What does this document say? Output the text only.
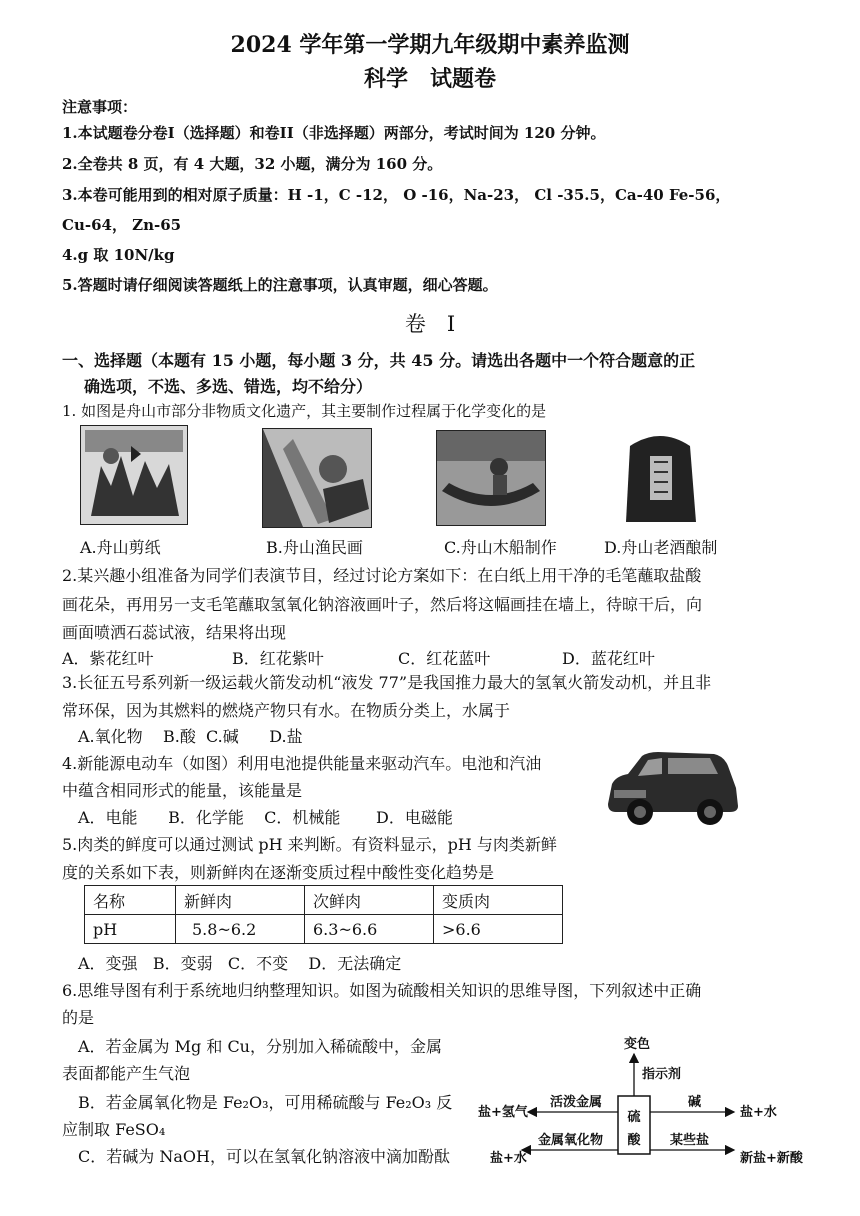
2024 学年第一学期九年级期中素养监测
科学　试题卷
注意事项：
1.本试题卷分卷I（选择题）和卷II（非选择题）两部分，考试时间为 120 分钟。
2.全卷共 8 页，有 4 大题，32 小题，满分为 160 分。
3.本卷可能用到的相对原子质量：H -1，C -12， O -16，Na-23， Cl -35.5，Ca-40 Fe-56，
Cu-64， Zn-65
4.g 取 10N/kg
5.答题时请仔细阅读答题纸上的注意事项，认真审题，细心答题。
卷　I
一、选择题（本题有 15 小题，每小题 3 分，共 45 分。请选出各题中一个符合题意的正
确选项，不选、多选、错选，均不给分）
1. 如图是舟山市部分非物质文化遗产，其主要制作过程属于化学变化的是
A.舟山剪纸	B.舟山渔民画	C.舟山木船制作	D.舟山老酒酿制
2.某兴趣小组准备为同学们表演节目，经过讨论方案如下：在白纸上用干净的毛笔蘸取盐酸
画花朵，再用另一支毛笔蘸取氢氧化钠溶液画叶子，然后将这幅画挂在墙上，待晾干后，向
画面喷洒石蕊试液，结果将出现
A．紫花红叶	B．红花紫叶	C．红花蓝叶	D．蓝花红叶
3.长征五号系列新一级运载火箭发动机“液发 77”是我国推力最大的氢氧火箭发动机，并且非
常环保，因为其燃料的燃烧产物只有水。在物质分类上，水属于
A.氧化物    B.酸  C.碱      D.盐
4.新能源电动车（如图）利用电池提供能量来驱动汽车。电池和汽油
中蕴含相同形式的能量，该能量是
A．电能      B．化学能    C．机械能       D．电磁能
5.肉类的鲜度可以通过测试 pH 来判断。有资料显示，pH 与肉类新鲜
度的关系如下表，则新鲜肉在逐渐变质过程中酸性变化趋势是
名称	新鲜肉	次鲜肉	变质肉
pH	5.8~6.2	6.3~6.6	>6.6
A．变强   B．变弱   C．不变    D．无法确定
6.思维导图有利于系统地归纳整理知识。如图为硫酸相关知识的思维导图，下列叙述中正确
的是
A．若金属为 Mg 和 Cu，分别加入稀硫酸中，金属
表面都能产生气泡
B．若金属氧化物是 Fe₂O₃，可用稀硫酸与 Fe₂O₃ 反
应制取 FeSO₄
C．若碱为 NaOH，可以在氢氧化钠溶液中滴加酚酞
硫
酸
变色
指示剂
盐+氢气
活泼金属
盐+水
金属氧化物
碱
盐+水
某些盐
新盐+新酸
